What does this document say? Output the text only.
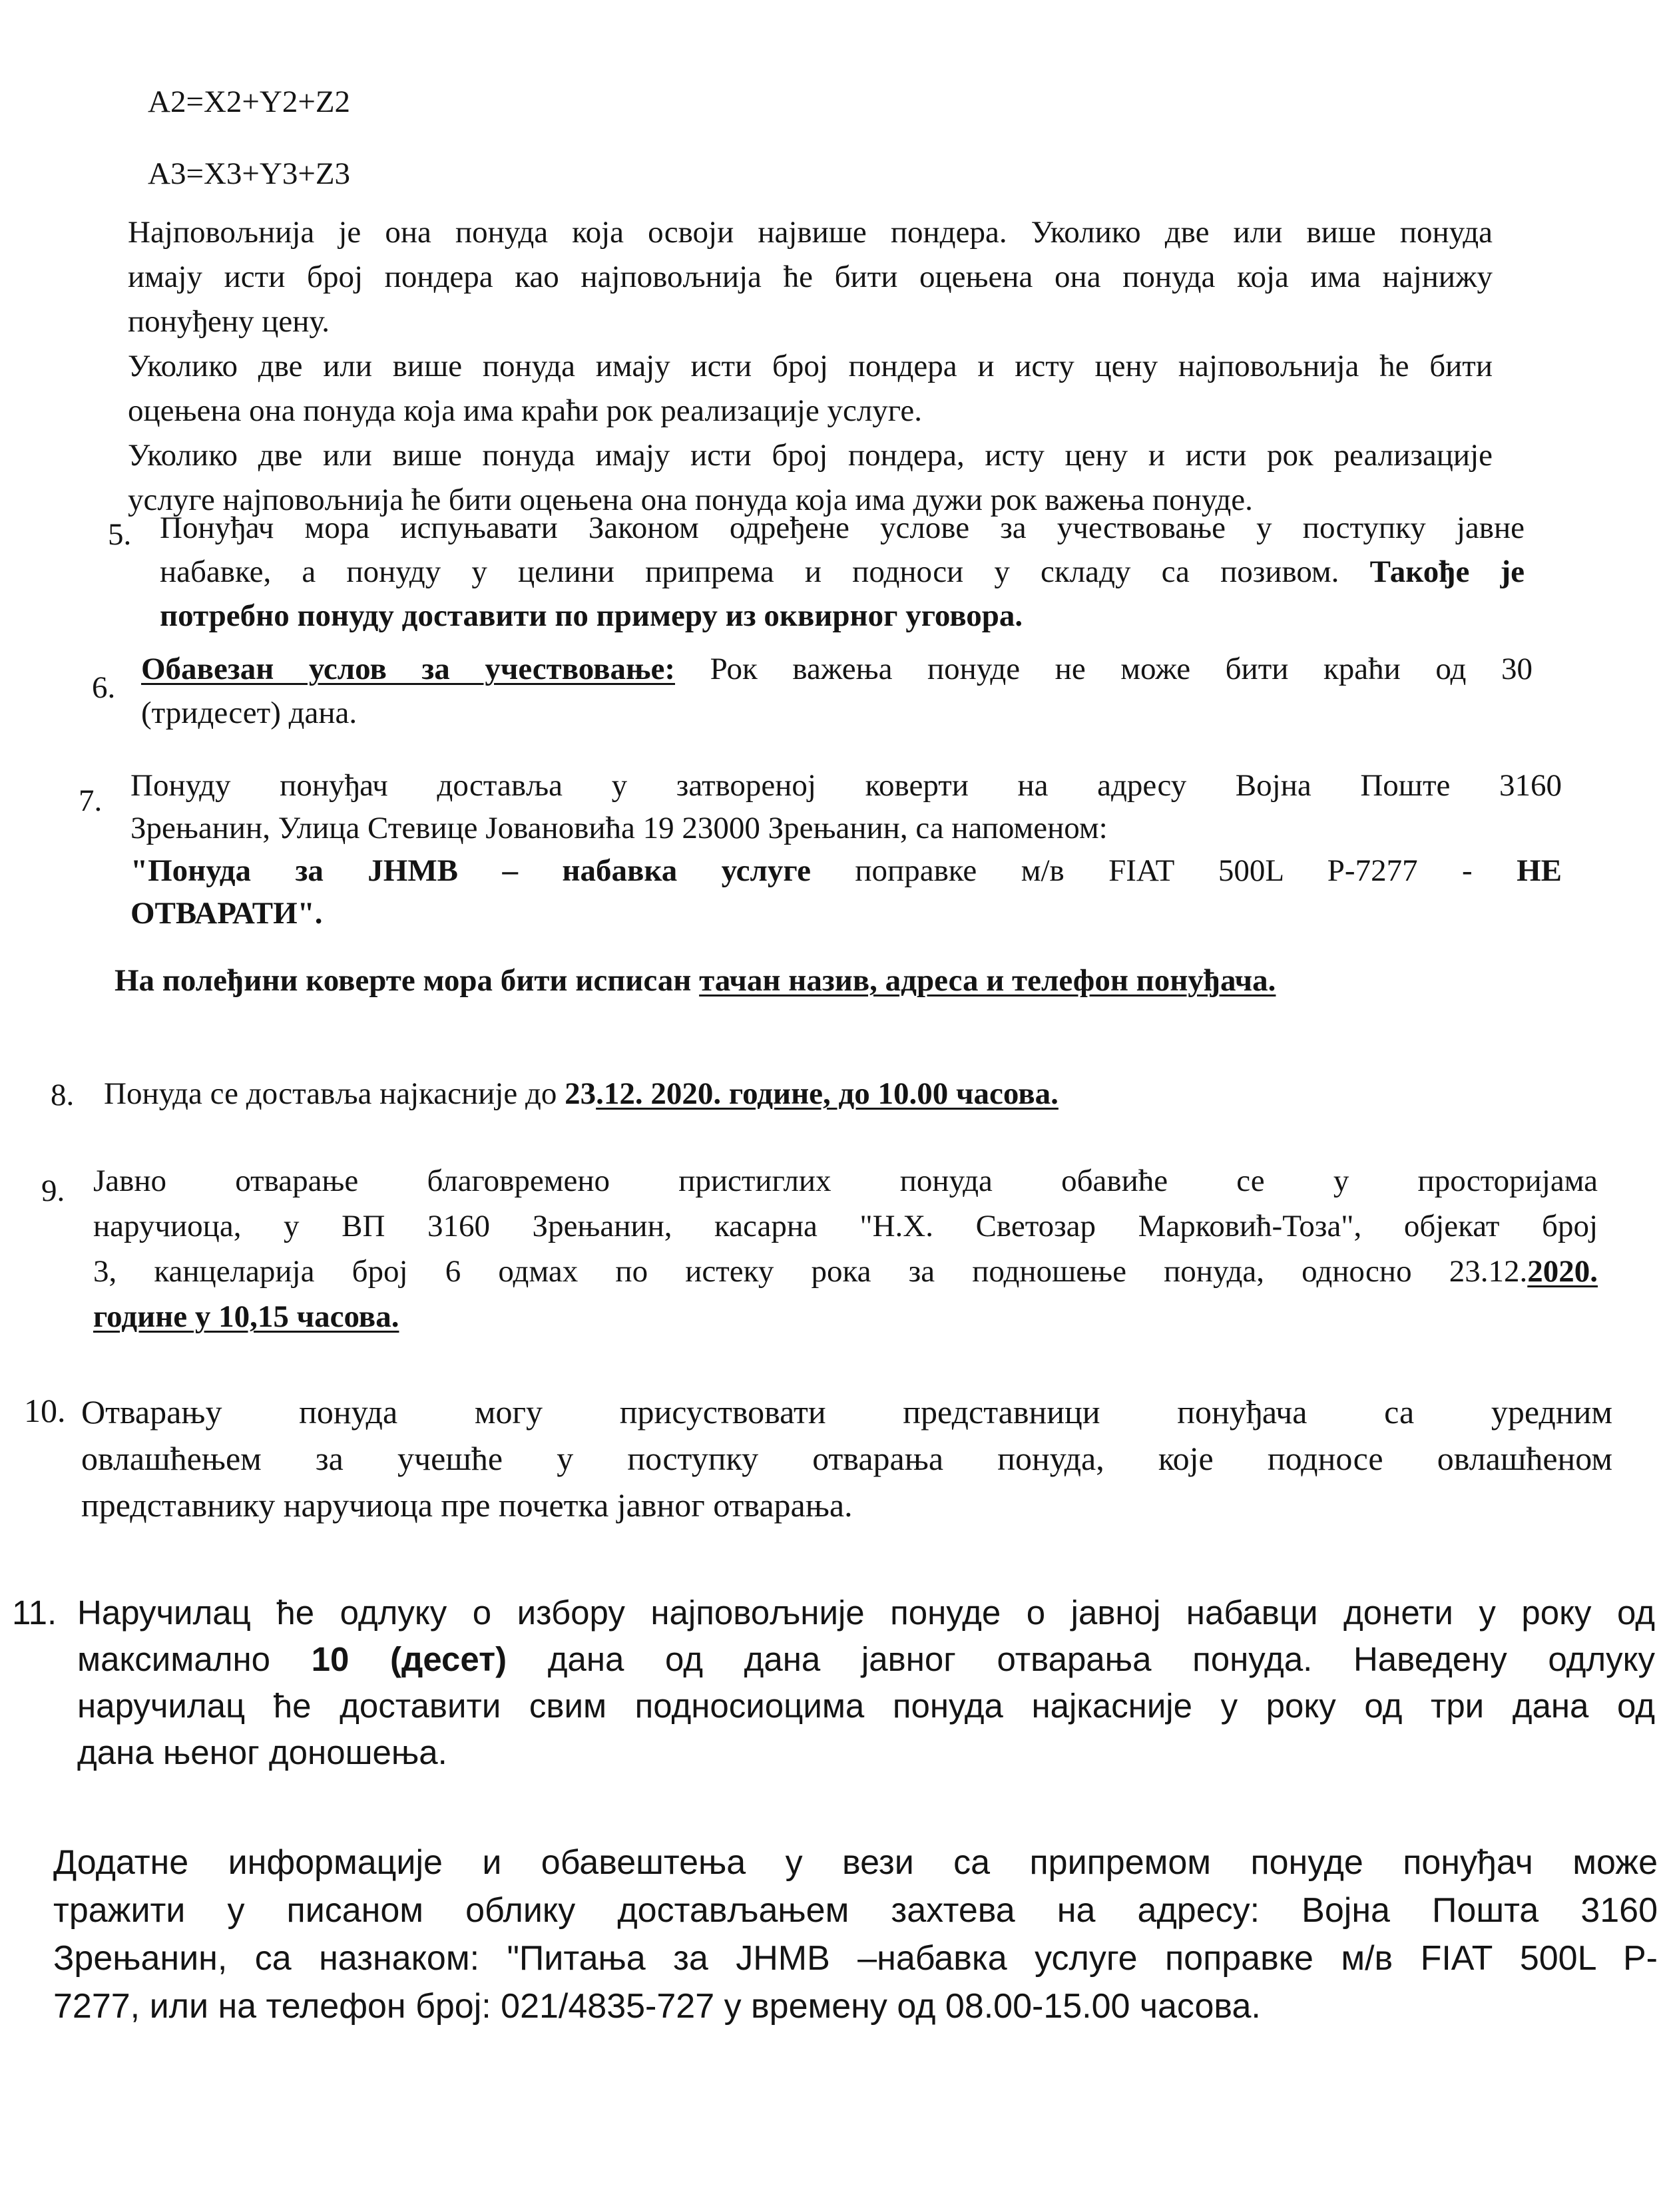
A2=X2+Y2+Z2
A3=X3+Y3+Z3
Најповољнија је она понуда која освоји највише пондера. Уколико две или више понуда
имају исти број пондера као најповољнија ће бити оцењена она понуда која има најнижу
понуђену цену.
Уколико две или више понуда имају исти број пондера и исту цену најповољнија ће бити
оцењена она понуда која има краћи рок реализације услуге.
Уколико две или више понуда имају исти број пондера, исту цену и исти рок реализације
услуге најповољнија ће бити оцењена она понуда која има дужи рок важења понуде.
5. Понуђач мора испуњавати Законом одређене услове за учествовање у поступку јавне
набавке, а понуду у целини припрема и подноси у складу са позивом. Такође је
потребно понуду доставити по примеру из оквирног уговора.
6.
Обавезан услов за учествовање: Рок важења понуде не може бити краћи од 30
(тридесет) дана.
7. Понуду понуђач доставља у затвореној коверти на адресу Војна Поште 3160
Зрењанин, Улица Стевице Јовановића 19 23000 Зрењанин, са напоменом:
"Понуда за ЈНМВ – набавка услуге поправке м/в FIAT 500L P-7277 - НЕ
ОТВАРАТИ".
На полеђини коверте мора бити исписан тачан назив, адреса и телефон понуђача.
8. Понуда се доставља најкасније до 23.12. 2020. године, до 10.00 часова.
9. Јавно отварање благовремено пристиглих понуда обавиће се у просторијама
наручиоца, у ВП 3160 Зрењанин, касарна "Н.Х. Светозар Марковић-Тоза", објекат број
3, канцеларија број 6 одмах по истеку рока за подношење понуда, односно 23.12.2020.
године у 10,15 часова.
10. Отварању понуда могу присуствовати представници понуђача са уредним
овлашћењем за учешће у поступку отварања понуда, које подносе овлашћеном
представнику наручиоца пре почетка јавног отварања.
11. Наручилац ће одлуку о избору најповољније понуде о јавној набавци донети у року од
максимално 10 (десет) дана од дана јавног отварања понуда. Наведену одлуку
наручилац ће доставити свим подносиоцима понуда најкасније у року од три дана од
дана њеног доношења.
Додатне информације и обавештења у вези са припремом понуде понуђач може
тражити у писаном облику достављањем захтева на адресу: Војна Пошта 3160
Зрењанин, са назнаком: "Питања за ЈНМВ –набавка услуге поправке м/в FIAT 500L P-
7277, или на телефон број: 021/4835-727 у времену од 08.00-15.00 часова.
